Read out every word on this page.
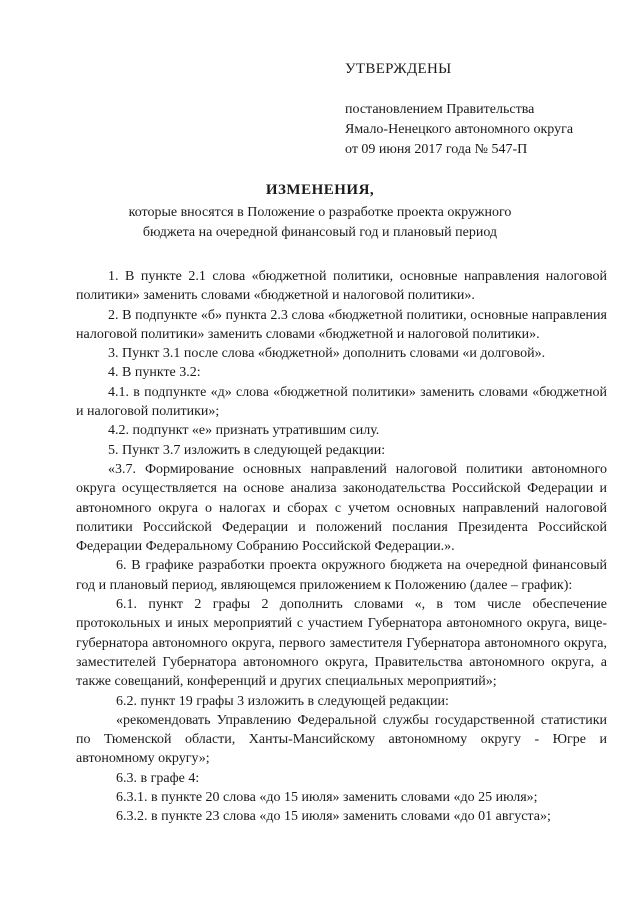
УТВЕРЖДЕНЫ
постановлением Правительства
Ямало-Ненецкого автономного округа
от 09 июня 2017 года № 547-П
ИЗМЕНЕНИЯ,
которые вносятся в Положение о разработке проекта окружного
бюджета на очередной финансовый год и плановый период

1. В пункте 2.1 слова «бюджетной политики, основные направления налоговой политики» заменить словами «бюджетной и налоговой политики».

2. В подпункте «б» пункта 2.3 слова «бюджетной политики, основные направления налоговой политики» заменить словами «бюджетной и налоговой политики».

3. Пункт 3.1 после слова «бюджетной» дополнить словами «и долговой».

4. В пункте 3.2:

4.1. в подпункте «д» слова «бюджетной политики» заменить словами «бюджетной и налоговой политики»;

4.2. подпункт «е» признать утратившим силу.

5. Пункт 3.7 изложить в следующей редакции:

«3.7. Формирование основных направлений налоговой политики автономного округа осуществляется на основе анализа законодательства Российской Федерации и автономного округа о налогах и сборах с учетом основных направлений налоговой политики Российской Федерации и положений послания Президента Российской Федерации Федеральному Собранию Российской Федерации.».

6. В графике разработки проекта окружного бюджета на очередной финансовый год и плановый период, являющемся приложением к Положению (далее – график):

6.1. пункт 2 графы 2 дополнить словами «, в том числе обеспечение протокольных и иных мероприятий с участием Губернатора автономного округа, вице-губернатора автономного округа, первого заместителя Губернатора автономного округа, заместителей Губернатора автономного округа, Правительства автономного округа, а также совещаний, конференций и других специальных мероприятий»;

6.2. пункт 19 графы 3 изложить в следующей редакции:

«рекомендовать Управлению Федеральной службы государственной статистики по Тюменской области, Ханты-Мансийскому автономному округу - Югре и автономному округу»;

6.3. в графе 4:

6.3.1. в пункте 20 слова «до 15 июля» заменить словами «до 25 июля»;

6.3.2. в пункте 23 слова «до 15 июля» заменить словами «до 01 августа»;
